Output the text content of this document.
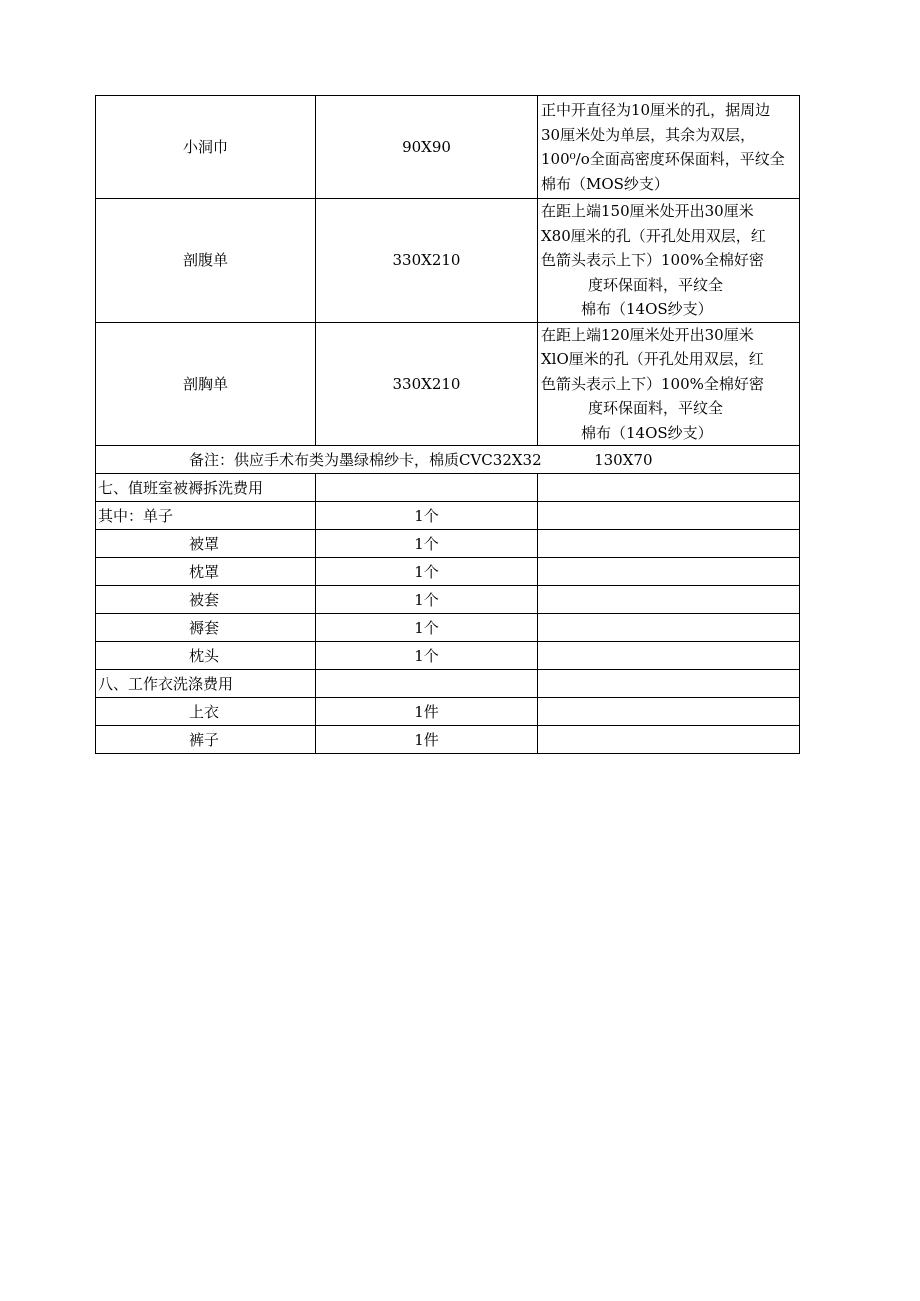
小洞巾	90X90	正中开直径为10厘米的孔，据周边
30厘米处为单层，其余为双层，
100⁰/o全面高密度环保面料，平纹全
棉布（MOS纱支）

剖腹单	330X210	在距上端150厘米处开出30厘米
X80厘米的孔（开孔处用双层，红
色箭头表示上下）100%全棉好密
度环保面料，平纹全
棉布（14OS纱支）

剖胸单	330X210	在距上端120厘米处开出30厘米
XlO厘米的孔（开孔处用双层，红
色箭头表示上下）100%全棉好密
度环保面料，平纹全
棉布（14OS纱支）

备注：供应手术布类为墨绿棉纱卡，棉质CVC32X32           130X70		
七、值班室被褥拆洗费用		
其中：单子	1个	
被罩	1个	
枕罩	1个	
被套	1个	
褥套	1个	
枕头	1个	
八、工作衣洗涤费用		
上衣	1件	
裤子	1件	
